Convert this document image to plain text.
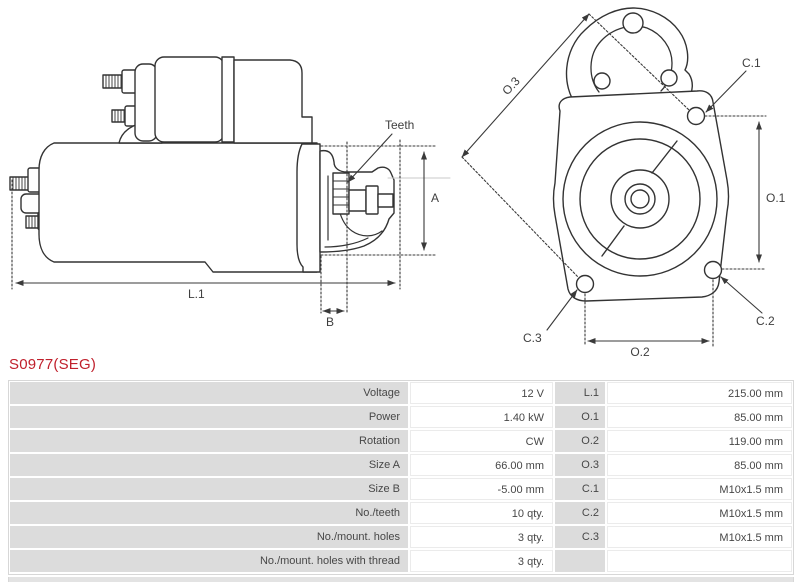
Teeth
A
L.1
B
O.3
O.1
O.2
C.1
C.2
C.3
S0977(SEG)
Voltage	12 V	L.1	215.00 mm
Power	1.40 kW	O.1	85.00 mm
Rotation	CW	O.2	119.00 mm
Size A	66.00 mm	O.3	85.00 mm
Size B	-5.00 mm	C.1	M10x1.5 mm
No./teeth	10 qty.	C.2	M10x1.5 mm
No./mount. holes	3 qty.	C.3	M10x1.5 mm
No./mount. holes with thread	3 qty.
